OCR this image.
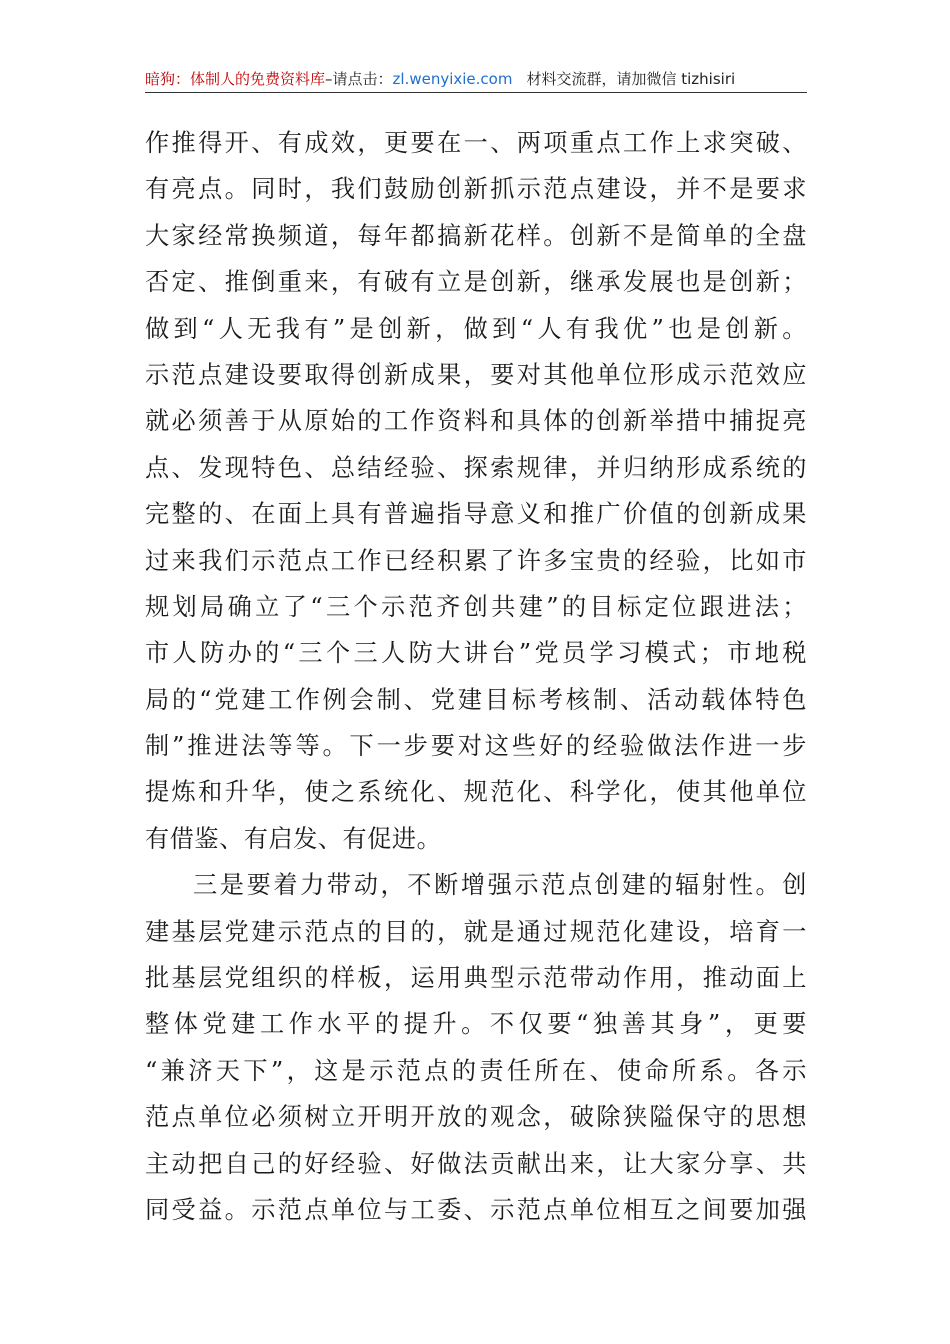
暗狗：体制人的免费资料库–请点击：zl.wenyixie.com 材料交流群，请加微信 tizhisiri
作推得开、有成效，更要在一、两项重点工作上求突破、
有亮点。同时，我们鼓励创新抓示范点建设，并不是要求
大家经常换频道，每年都搞新花样。创新不是简单的全盘
否定、推倒重来，有破有立是创新，继承发展也是创新；
做到“人无我有”是创新，做到“人有我优”也是创新。
示范点建设要取得创新成果，要对其他单位形成示范效应
就必须善于从原始的工作资料和具体的创新举措中捕捉亮
点、发现特色、总结经验、探索规律，并归纳形成系统的
完整的、在面上具有普遍指导意义和推广价值的创新成果
过来我们示范点工作已经积累了许多宝贵的经验，比如市
规划局确立了“三个示范齐创共建”的目标定位跟进法；
市人防办的“三个三人防大讲台”党员学习模式；市地税
局的“党建工作例会制、党建目标考核制、活动载体特色
制”推进法等等。下一步要对这些好的经验做法作进一步
提炼和升华，使之系统化、规范化、科学化，使其他单位
有借鉴、有启发、有促进。
三是要着力带动，不断增强示范点创建的辐射性。创
建基层党建示范点的目的，就是通过规范化建设，培育一
批基层党组织的样板，运用典型示范带动作用，推动面上
整体党建工作水平的提升。不仅要“独善其身”，更要
“兼济天下”，这是示范点的责任所在、使命所系。各示
范点单位必须树立开明开放的观念，破除狭隘保守的思想
主动把自己的好经验、好做法贡献出来，让大家分享、共
同受益。示范点单位与工委、示范点单位相互之间要加强
